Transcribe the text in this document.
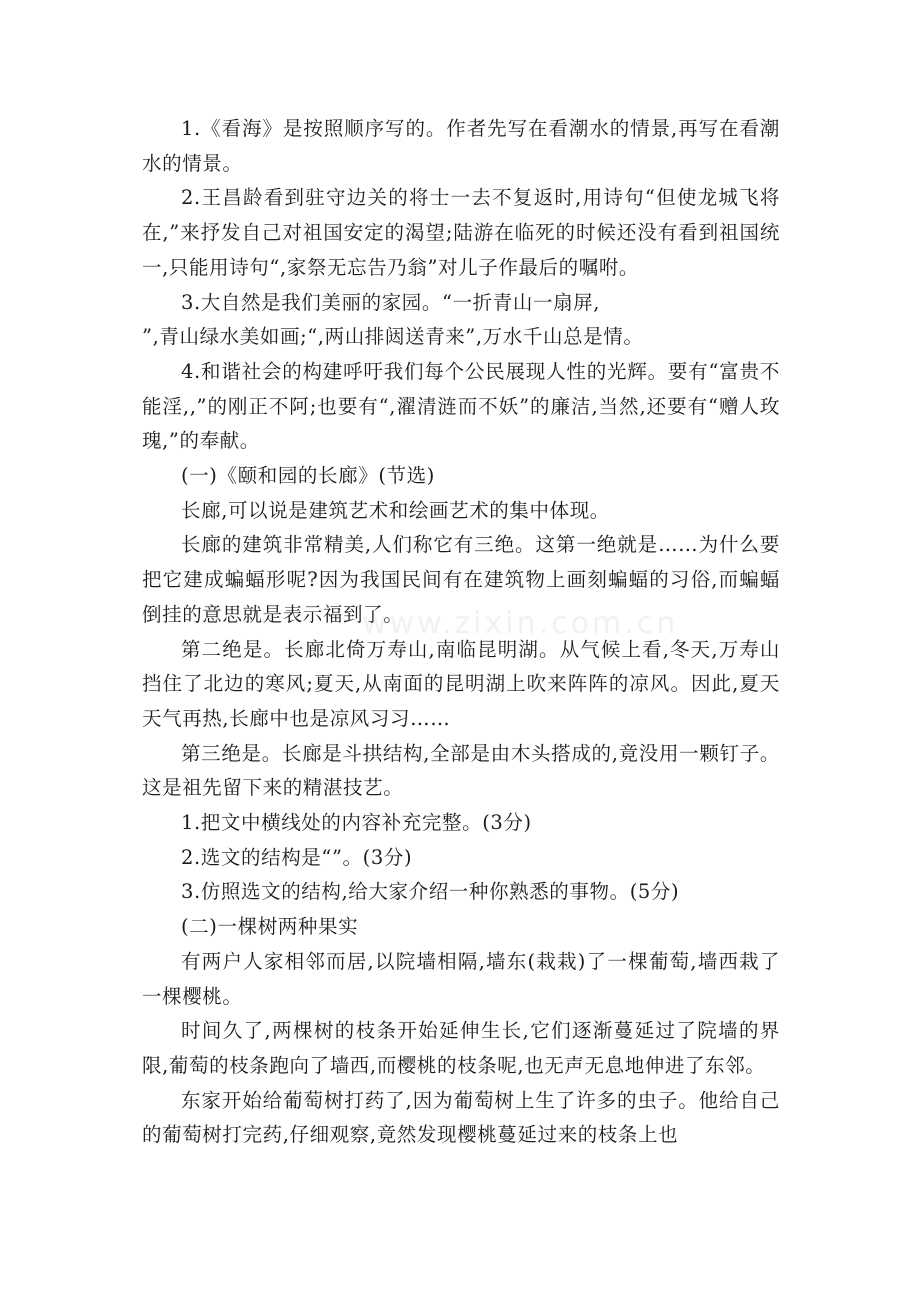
1.《看海》是按照顺序写的。作者先写在看潮水的情景,再写在看潮水的情景。

2.王昌龄看到驻守边关的将士一去不复返时,用诗句“但使龙城飞将在,”来抒发自己对祖国安定的渴望;陆游在临死的时候还没有看到祖国统一,只能用诗句“,家祭无忘告乃翁”对儿子作最后的嘱咐。

3.大自然是我们美丽的家园。“一折青山一扇屏,

”,青山绿水美如画;“,两山排闼送青来”,万水千山总是情。

4.和谐社会的构建呼吁我们每个公民展现人性的光辉。要有“富贵不能淫,,”的刚正不阿;也要有“,濯清涟而不妖”的廉洁,当然,还要有“赠人玫瑰,”的奉献。

(一)《颐和园的长廊》(节选)

长廊,可以说是建筑艺术和绘画艺术的集中体现。

长廊的建筑非常精美,人们称它有三绝。这第一绝就是……为什么要把它建成蝙蝠形呢?因为我国民间有在建筑物上画刻蝙蝠的习俗,而蝙蝠倒挂的意思就是表示福到了。

第二绝是。长廊北倚万寿山,南临昆明湖。从气候上看,冬天,万寿山挡住了北边的寒风;夏天,从南面的昆明湖上吹来阵阵的凉风。因此,夏天天气再热,长廊中也是凉风习习……

第三绝是。长廊是斗拱结构,全部是由木头搭成的,竟没用一颗钉子。这是祖先留下来的精湛技艺。

1.把文中横线处的内容补充完整。(3分)

2.选文的结构是“”。(3分)

3.仿照选文的结构,给大家介绍一种你熟悉的事物。(5分)

(二)一棵树两种果实

有两户人家相邻而居,以院墙相隔,墙东(栽栽)了一棵葡萄,墙西栽了一棵樱桃。

时间久了,两棵树的枝条开始延伸生长,它们逐渐蔓延过了院墙的界限,葡萄的枝条跑向了墙西,而樱桃的枝条呢,也无声无息地伸进了东邻。

东家开始给葡萄树打药了,因为葡萄树上生了许多的虫子。他给自己的葡萄树打完药,仔细观察,竟然发现樱桃蔓延过来的枝条上也

www.zixin.com.cn
